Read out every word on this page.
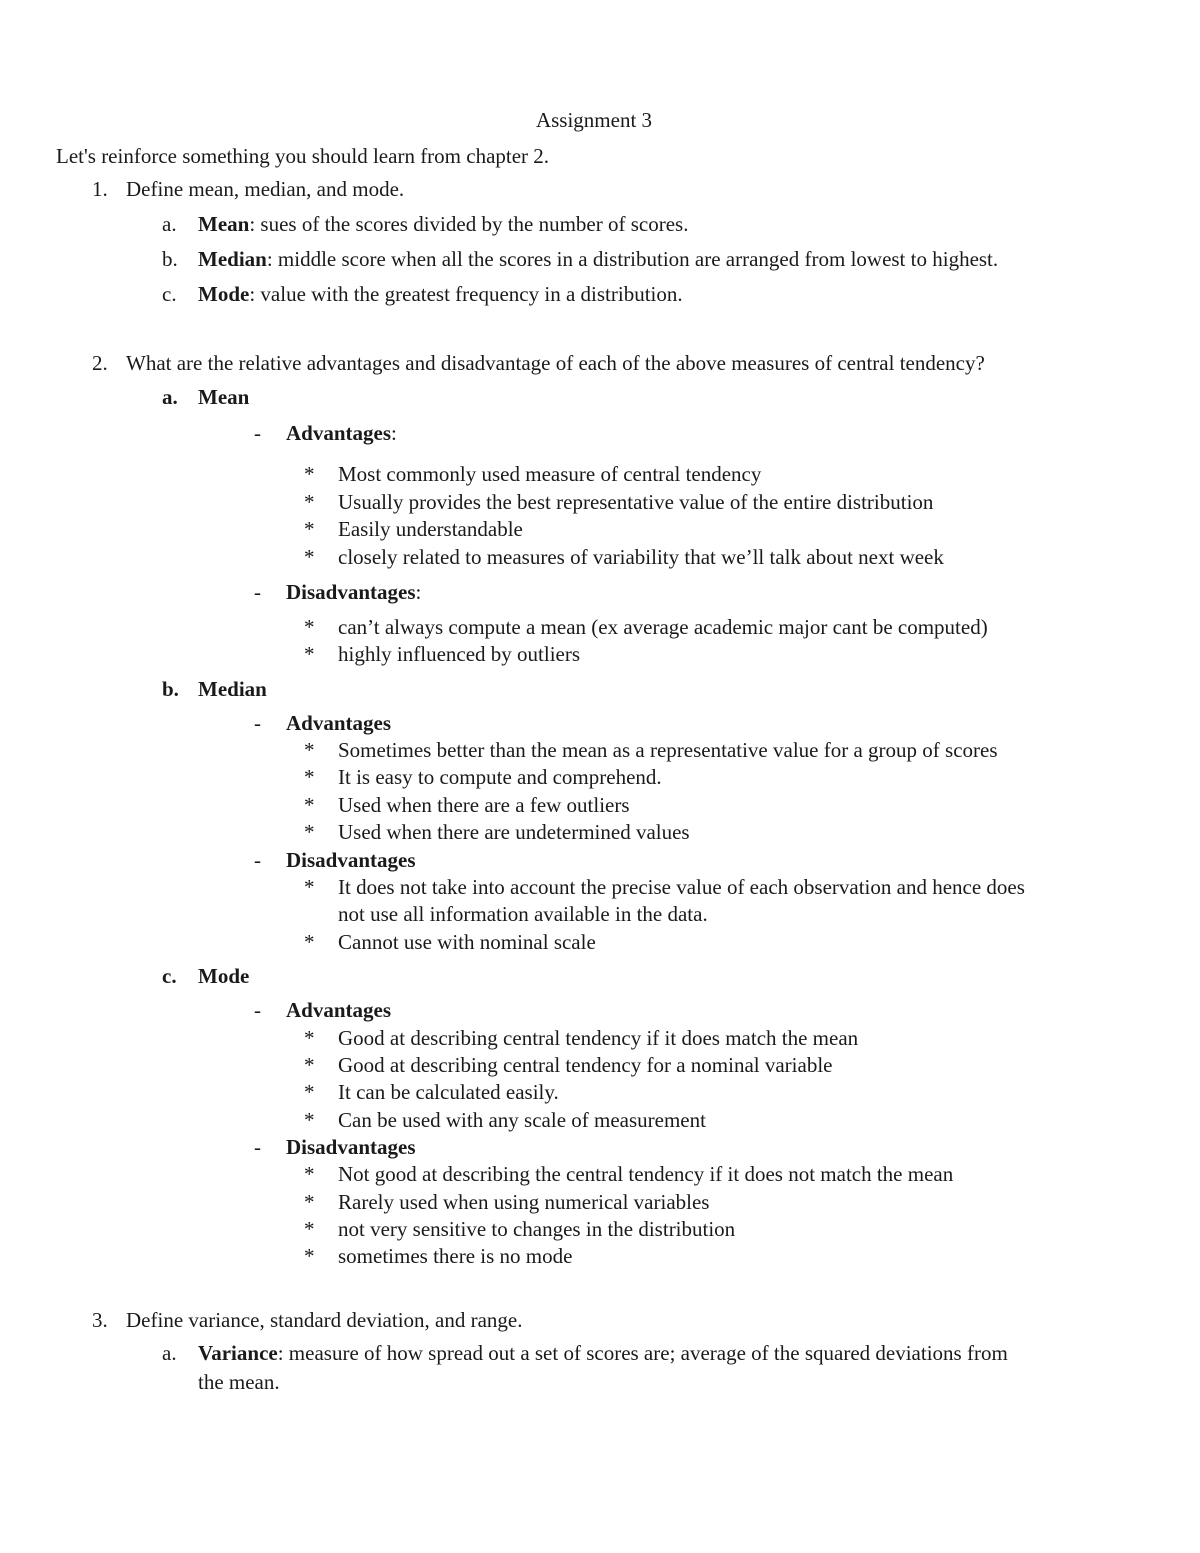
Assignment 3
Let's reinforce something you should learn from chapter 2.
1. Define mean, median, and mode.
a. Mean: sues of the scores divided by the number of scores.
b. Median: middle score when all the scores in a distribution are arranged from lowest to highest.
c. Mode: value with the greatest frequency in a distribution.
2. What are the relative advantages and disadvantage of each of the above measures of central tendency?
a. Mean
- Advantages:
* Most commonly used measure of central tendency
* Usually provides the best representative value of the entire distribution
* Easily understandable
* closely related to measures of variability that we’ll talk about next week
- Disadvantages:
* can’t always compute a mean (ex average academic major cant be computed)
* highly influenced by outliers
b. Median
- Advantages
* Sometimes better than the mean as a representative value for a group of scores
* It is easy to compute and comprehend.
* Used when there are a few outliers
* Used when there are undetermined values
- Disadvantages
* It does not take into account the precise value of each observation and hence does
not use all information available in the data.
* Cannot use with nominal scale
c. Mode
- Advantages
* Good at describing central tendency if it does match the mean
* Good at describing central tendency for a nominal variable
* It can be calculated easily.
* Can be used with any scale of measurement
- Disadvantages
* Not good at describing the central tendency if it does not match the mean
* Rarely used when using numerical variables
* not very sensitive to changes in the distribution
* sometimes there is no mode
3. Define variance, standard deviation, and range.
a. Variance: measure of how spread out a set of scores are; average of the squared deviations from
the mean.
